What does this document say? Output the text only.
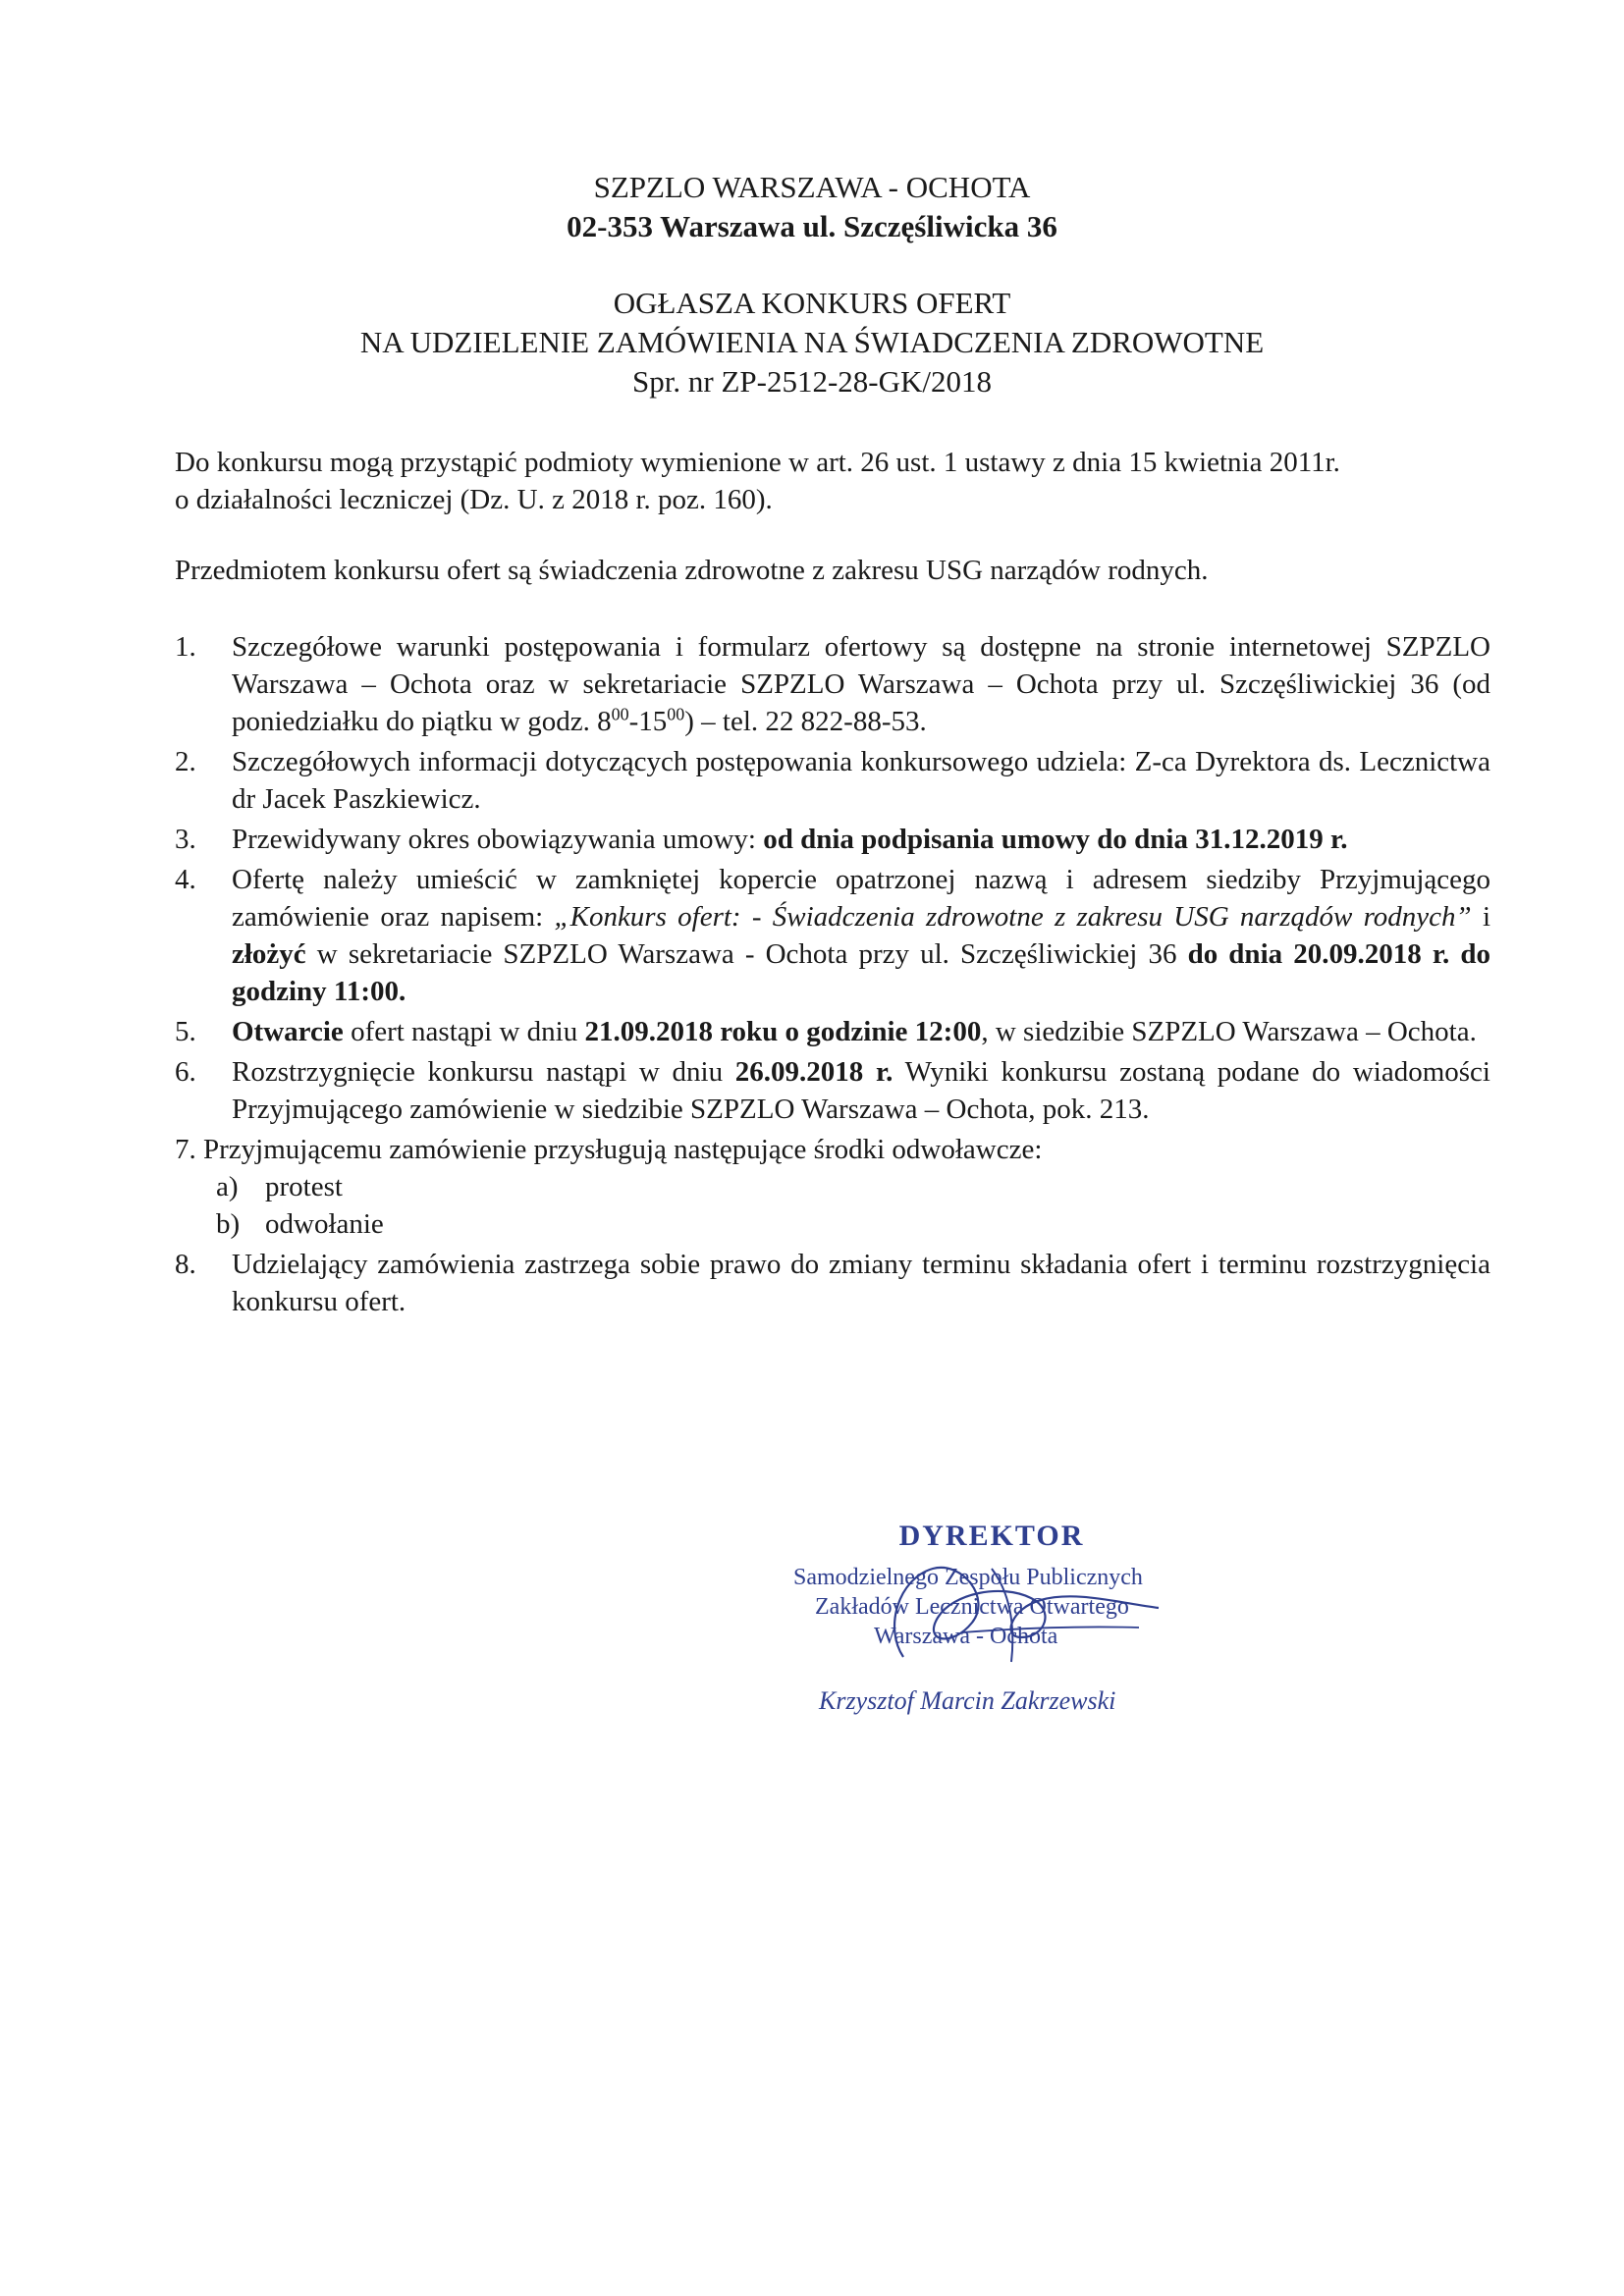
SZPZLO WARSZAWA - OCHOTA
02-353 Warszawa ul. Szczęśliwicka 36
OGŁASZA KONKURS OFERT
NA UDZIELENIE ZAMÓWIENIA NA ŚWIADCZENIA ZDROWOTNE
Spr. nr ZP-2512-28-GK/2018
Do konkursu mogą przystąpić podmioty wymienione w art. 26 ust. 1 ustawy z dnia 15 kwietnia 2011r.
o działalności leczniczej (Dz. U. z 2018 r. poz. 160).
Przedmiotem konkursu ofert są świadczenia zdrowotne z zakresu USG narządów rodnych.
1. Szczegółowe warunki postępowania i formularz ofertowy są dostępne na stronie internetowej SZPZLO Warszawa – Ochota oraz w sekretariacie SZPZLO Warszawa – Ochota przy ul. Szczęśliwickiej 36 (od poniedziałku do piątku w godz. $8^{00}-15^{00}$) – tel. 22 822-88-53.
2. Szczegółowych informacji dotyczących postępowania konkursowego udziela: Z-ca Dyrektora ds. Lecznictwa dr Jacek Paszkiewicz.
3. Przewidywany okres obowiązywania umowy: od dnia podpisania umowy do dnia 31.12.2019 r.
4. Ofertę należy umieścić w zamkniętej kopercie opatrzonej nazwą i adresem siedziby Przyjmującego zamówienie oraz napisem: „Konkurs ofert: - Świadczenia zdrowotne z zakresu USG narządów rodnych” i złożyć w sekretariacie SZPZLO Warszawa - Ochota przy ul. Szczęśliwickiej 36 do dnia 20.09.2018 r. do godziny 11:00.
5. Otwarcie ofert nastąpi w dniu 21.09.2018 roku o godzinie 12:00, w siedzibie SZPZLO Warszawa – Ochota.
6. Rozstrzygnięcie konkursu nastąpi w dniu 26.09.2018 r. Wyniki konkursu zostaną podane do wiadomości Przyjmującego zamówienie w siedzibie SZPZLO Warszawa – Ochota, pok. 213.
7. Przyjmującemu zamówienie przysługują następujące środki odwoławcze:
a) protest
b) odwołanie
8. Udzielający zamówienia zastrzega sobie prawo do zmiany terminu składania ofert i terminu rozstrzygnięcia konkursu ofert.
DYREKTOR
Samodzielnego Zespołu Publicznych
Zakładów Lecznictwa Otwartego
Warszawa - Ochota
Krzysztof Marcin Zakrzewski
